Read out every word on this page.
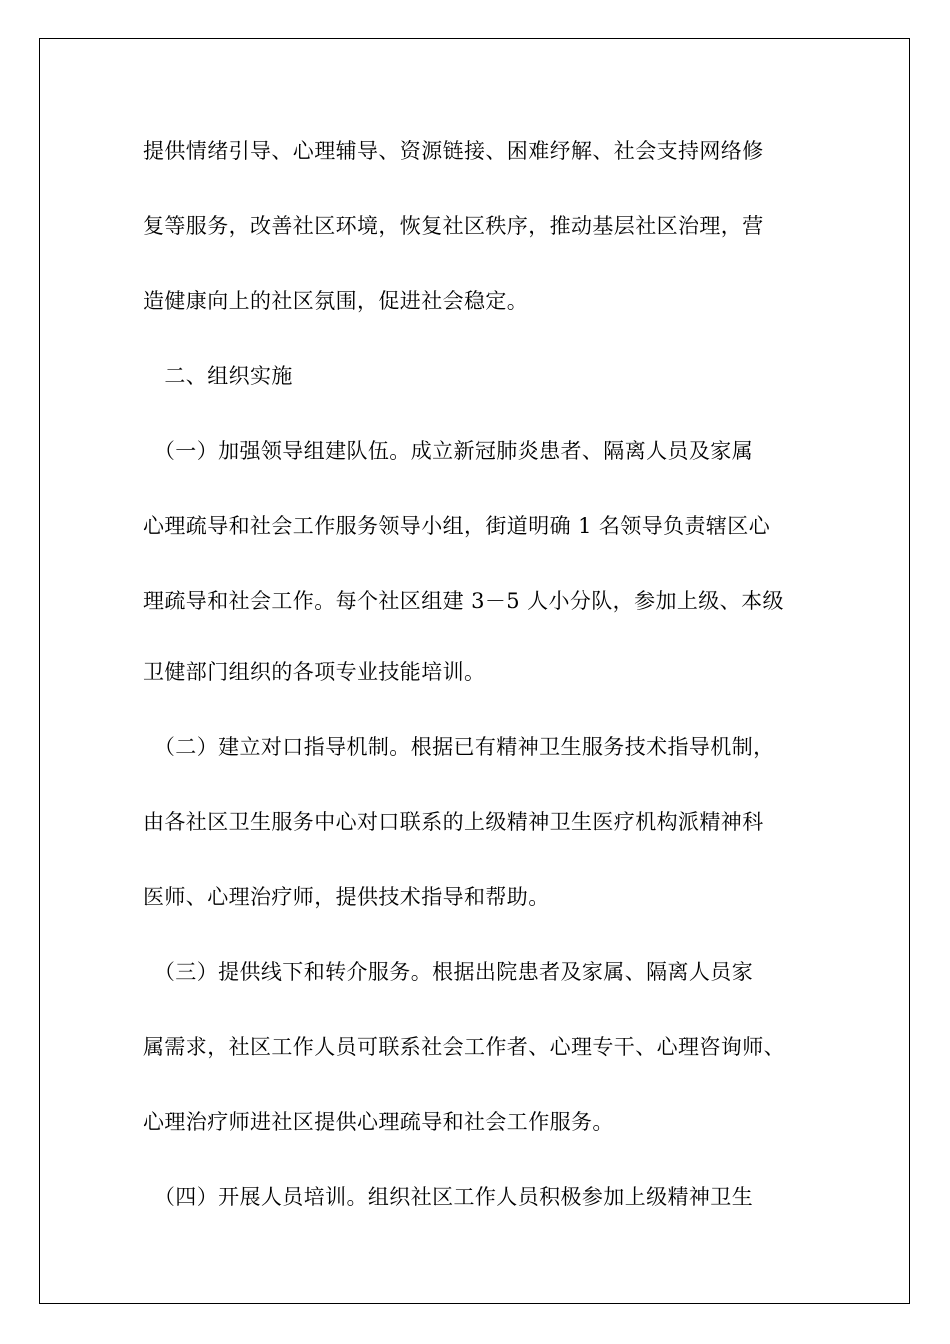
提供情绪引导、心理辅导、资源链接、困难纾解、社会支持网络修
复等服务，改善社区环境，恢复社区秩序，推动基层社区治理，营
造健康向上的社区氛围，促进社会稳定。
　二、组织实施
　（一）加强领导组建队伍。成立新冠肺炎患者、隔离人员及家属
心理疏导和社会工作服务领导小组，街道明确 1 名领导负责辖区心
理疏导和社会工作。每个社区组建 3－5 人小分队，参加上级、本级
卫健部门组织的各项专业技能培训。
　（二）建立对口指导机制。根据已有精神卫生服务技术指导机制，
由各社区卫生服务中心对口联系的上级精神卫生医疗机构派精神科
医师、心理治疗师，提供技术指导和帮助。
　（三）提供线下和转介服务。根据出院患者及家属、隔离人员家
属需求，社区工作人员可联系社会工作者、心理专干、心理咨询师、
心理治疗师进社区提供心理疏导和社会工作服务。
　（四）开展人员培训。组织社区工作人员积极参加上级精神卫生
